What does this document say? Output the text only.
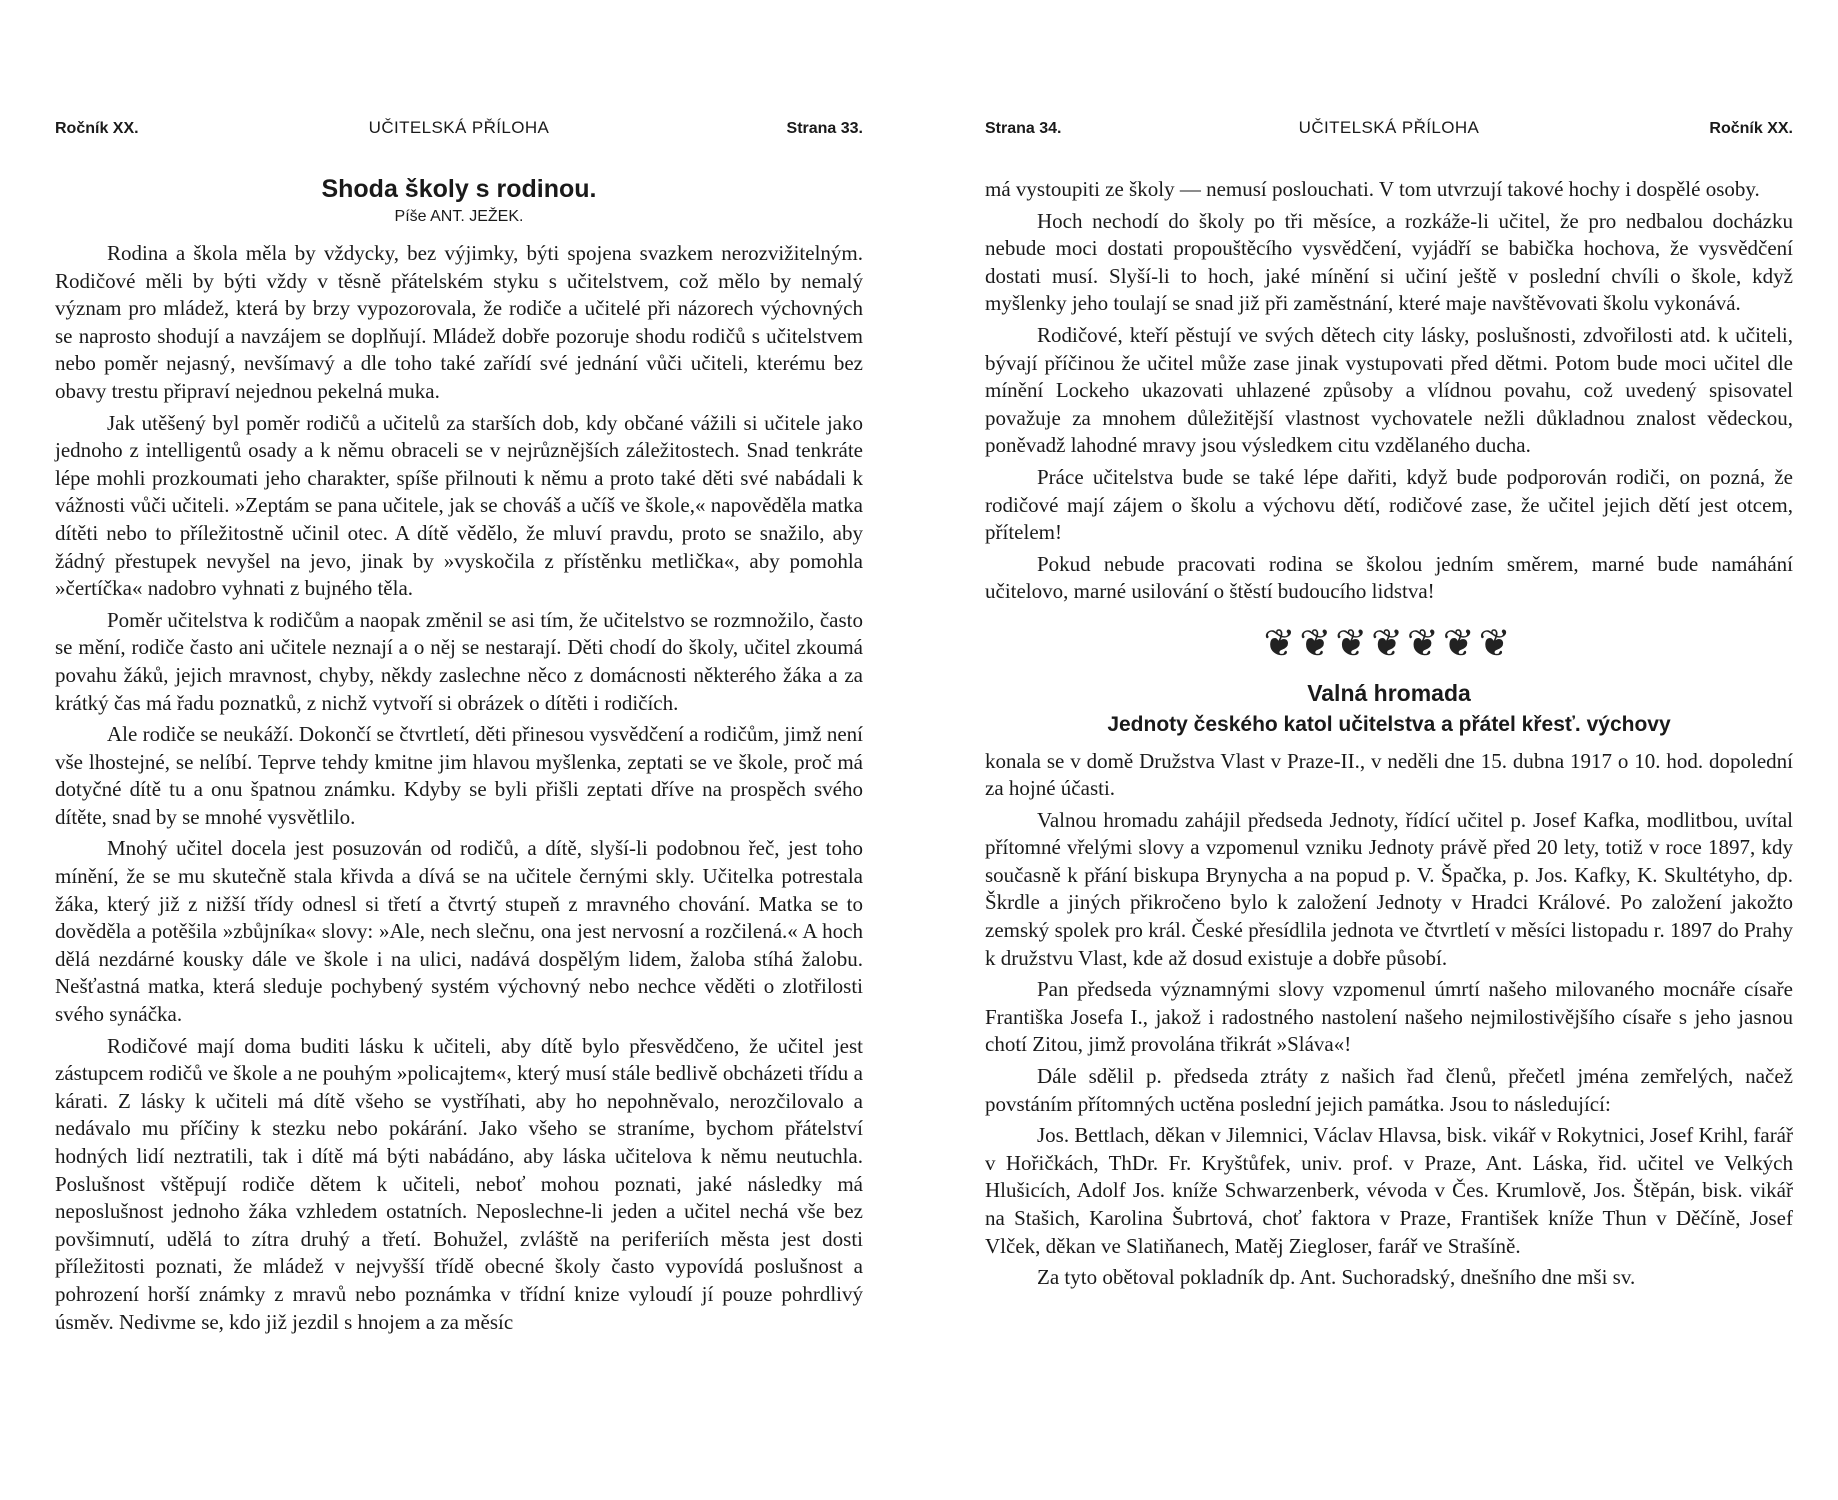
Ročník XX.	UČITELSKÁ PŘÍLOHA	Strana 33.
Shoda školy s rodinou.
Píše ANT. JEŽEK.

Rodina a škola měla by vždycky, bez výjimky, býti spojena svazkem nerozvižitelným. Rodičové měli by býti vždy v těsně přátelském styku s učitelstvem, což mělo by nemalý význam pro mládež, která by brzy vypozorovala, že rodiče a učitelé při názorech výchovných se naprosto shodují a navzájem se doplňují. Mládež dobře pozoruje shodu rodičů s učitelstvem nebo poměr nejasný, nevšímavý a dle toho také zařídí své jednání vůči učiteli, kterému bez obavy trestu připraví nejednou pekelná muka.

Jak utěšený byl poměr rodičů a učitelů za starších dob, kdy občané vážili si učitele jako jednoho z intelligentů osady a k němu obraceli se v nejrůznějších záležitostech. Snad tenkráte lépe mohli prozkoumati jeho charakter, spíše přilnouti k němu a proto také děti své nabádali k vážnosti vůči učiteli. »Zeptám se pana učitele, jak se chováš a učíš ve škole,« napověděla matka dítěti nebo to příležitostně učinil otec. A dítě vědělo, že mluví pravdu, proto se snažilo, aby žádný přestupek nevyšel na jevo, jinak by »vyskočila z přístěnku metlička«, aby pomohla »čertíčka« nadobro vyhnati z bujného těla.

Poměr učitelstva k rodičům a naopak změnil se asi tím, že učitelstvo se rozmnožilo, často se mění, rodiče často ani učitele neznají a o něj se nestarají. Děti chodí do školy, učitel zkoumá povahu žáků, jejich mravnost, chyby, někdy zaslechne něco z domácnosti některého žáka a za krátký čas má řadu poznatků, z nichž vytvoří si obrázek o dítěti i rodičích.

Ale rodiče se neukáží. Dokončí se čtvrtletí, děti přinesou vysvědčení a rodičům, jimž není vše lhostejné, se nelíbí. Teprve tehdy kmitne jim hlavou myšlenka, zeptati se ve škole, proč má dotyčné dítě tu a onu špatnou známku. Kdyby se byli přišli zeptati dříve na prospěch svého dítěte, snad by se mnohé vysvětlilo.

Mnohý učitel docela jest posuzován od rodičů, a dítě, slyší-li podobnou řeč, jest toho mínění, že se mu skutečně stala křivda a dívá se na učitele černými skly. Učitelka potrestala žáka, který již z nižší třídy odnesl si třetí a čtvrtý stupeň z mravného chování. Matka se to dověděla a potěšila »zbůjníka« slovy: »Ale, nech slečnu, ona jest nervosní a rozčilená.« A hoch dělá nezdárné kousky dále ve škole i na ulici, nadává dospělým lidem, žaloba stíhá žalobu. Nešťastná matka, která sleduje pochybený systém výchovný nebo nechce věděti o zlotřilosti svého synáčka.

Rodičové mají doma buditi lásku k učiteli, aby dítě bylo přesvědčeno, že učitel jest zástupcem rodičů ve škole a ne pouhým »policajtem«, který musí stále bedlivě obcházeti třídu a kárati. Z lásky k učiteli má dítě všeho se vystříhati, aby ho nepohněvalo, nerozčilovalo a nedávalo mu příčiny k stezku nebo pokárání. Jako všeho se straníme, bychom přátelství hodných lidí neztratili, tak i dítě má býti nabádáno, aby láska učitelova k němu neutuchla. Poslušnost vštěpují rodiče dětem k učiteli, neboť mohou poznati, jaké následky má neposlušnost jednoho žáka vzhledem ostatních. Neposlechne-li jeden a učitel nechá vše bez povšimnutí, udělá to zítra druhý a třetí. Bohužel, zvláště na periferiích města jest dosti příležitosti poznati, že mládež v nejvyšší třídě obecné školy často vypovídá poslušnost a pohrození horší známky z mravů nebo poznámka v třídní knize vyloudí jí pouze pohrdlivý úsměv. Nedivme se, kdo již jezdil s hnojem a za měsíc

Strana 34.	UČITELSKÁ PŘÍLOHA	Ročník XX.

má vystoupiti ze školy — nemusí poslouchati. V tom utvrzují takové hochy i dospělé osoby.

Hoch nechodí do školy po tři měsíce, a rozkáže-li učitel, že pro nedbalou docházku nebude moci dostati propouštěcího vysvědčení, vyjádří se babička hochova, že vysvědčení dostati musí. Slyší-li to hoch, jaké mínění si učiní ještě v poslední chvíli o škole, když myšlenky jeho toulají se snad již při zaměstnání, které maje navštěvovati školu vykonává.

Rodičové, kteří pěstují ve svých dětech city lásky, poslušnosti, zdvořilosti atd. k učiteli, bývají příčinou že učitel může zase jinak vystupovati před dětmi. Potom bude moci učitel dle mínění Lockeho ukazovati uhlazené způsoby a vlídnou povahu, což uvedený spisovatel považuje za mnohem důležitější vlastnost vychovatele nežli důkladnou znalost vědeckou, poněvadž lahodné mravy jsou výsledkem citu vzdělaného ducha.

Práce učitelstva bude se také lépe dařiti, když bude podporován rodiči, on pozná, že rodičové mají zájem o školu a výchovu dětí, rodičové zase, že učitel jejich dětí jest otcem, přítelem!

Pokud nebude pracovati rodina se školou jedním směrem, marné bude namáhání učitelovo, marné usilování o štěstí budoucího lidstva!

❦❦❦❦❦❦❦
Valná hromada
Jednoty českého katol učitelstva a přátel křesť. výchovy

konala se v domě Družstva Vlast v Praze-II., v neděli dne 15. dubna 1917 o 10. hod. dopolední za hojné účasti.

Valnou hromadu zahájil předseda Jednoty, řídící učitel p. Josef Kafka, modlitbou, uvítal přítomné vřelými slovy a vzpomenul vzniku Jednoty právě před 20 lety, totiž v roce 1897, kdy současně k přání biskupa Brynycha a na popud p. V. Špačka, p. Jos. Kafky, K. Skultétyho, dp. Škrdle a jiných přikročeno bylo k založení Jednoty v Hradci Králové. Po založení jakožto zemský spolek pro král. České přesídlila jednota ve čtvrtletí v měsíci listopadu r. 1897 do Prahy k družstvu Vlast, kde až dosud existuje a dobře působí.

Pan předseda významnými slovy vzpomenul úmrtí našeho milovaného mocnáře císaře Františka Josefa I., jakož i radostného nastolení našeho nejmilostivějšího císaře s jeho jasnou chotí Zitou, jimž provolána třikrát »Sláva«!

Dále sdělil p. předseda ztráty z našich řad členů, přečetl jména zemřelých, načež povstáním přítomných uctěna poslední jejich památka. Jsou to následující:

Jos. Bettlach, děkan v Jilemnici, Václav Hlavsa, bisk. vikář v Rokytnici, Josef Krihl, farář v Hořičkách, ThDr. Fr. Kryštůfek, univ. prof. v Praze, Ant. Láska, řid. učitel ve Velkých Hlušicích, Adolf Jos. kníže Schwarzenberk, vévoda v Čes. Krumlově, Jos. Štěpán, bisk. vikář na Stašich, Karolina Šubrtová, choť faktora v Praze, František kníže Thun v Děčíně, Josef Vlček, děkan ve Slatiňanech, Matěj Ziegloser, farář ve Strašíně.

Za tyto obětoval pokladník dp. Ant. Suchoradský, dnešního dne mši sv.
